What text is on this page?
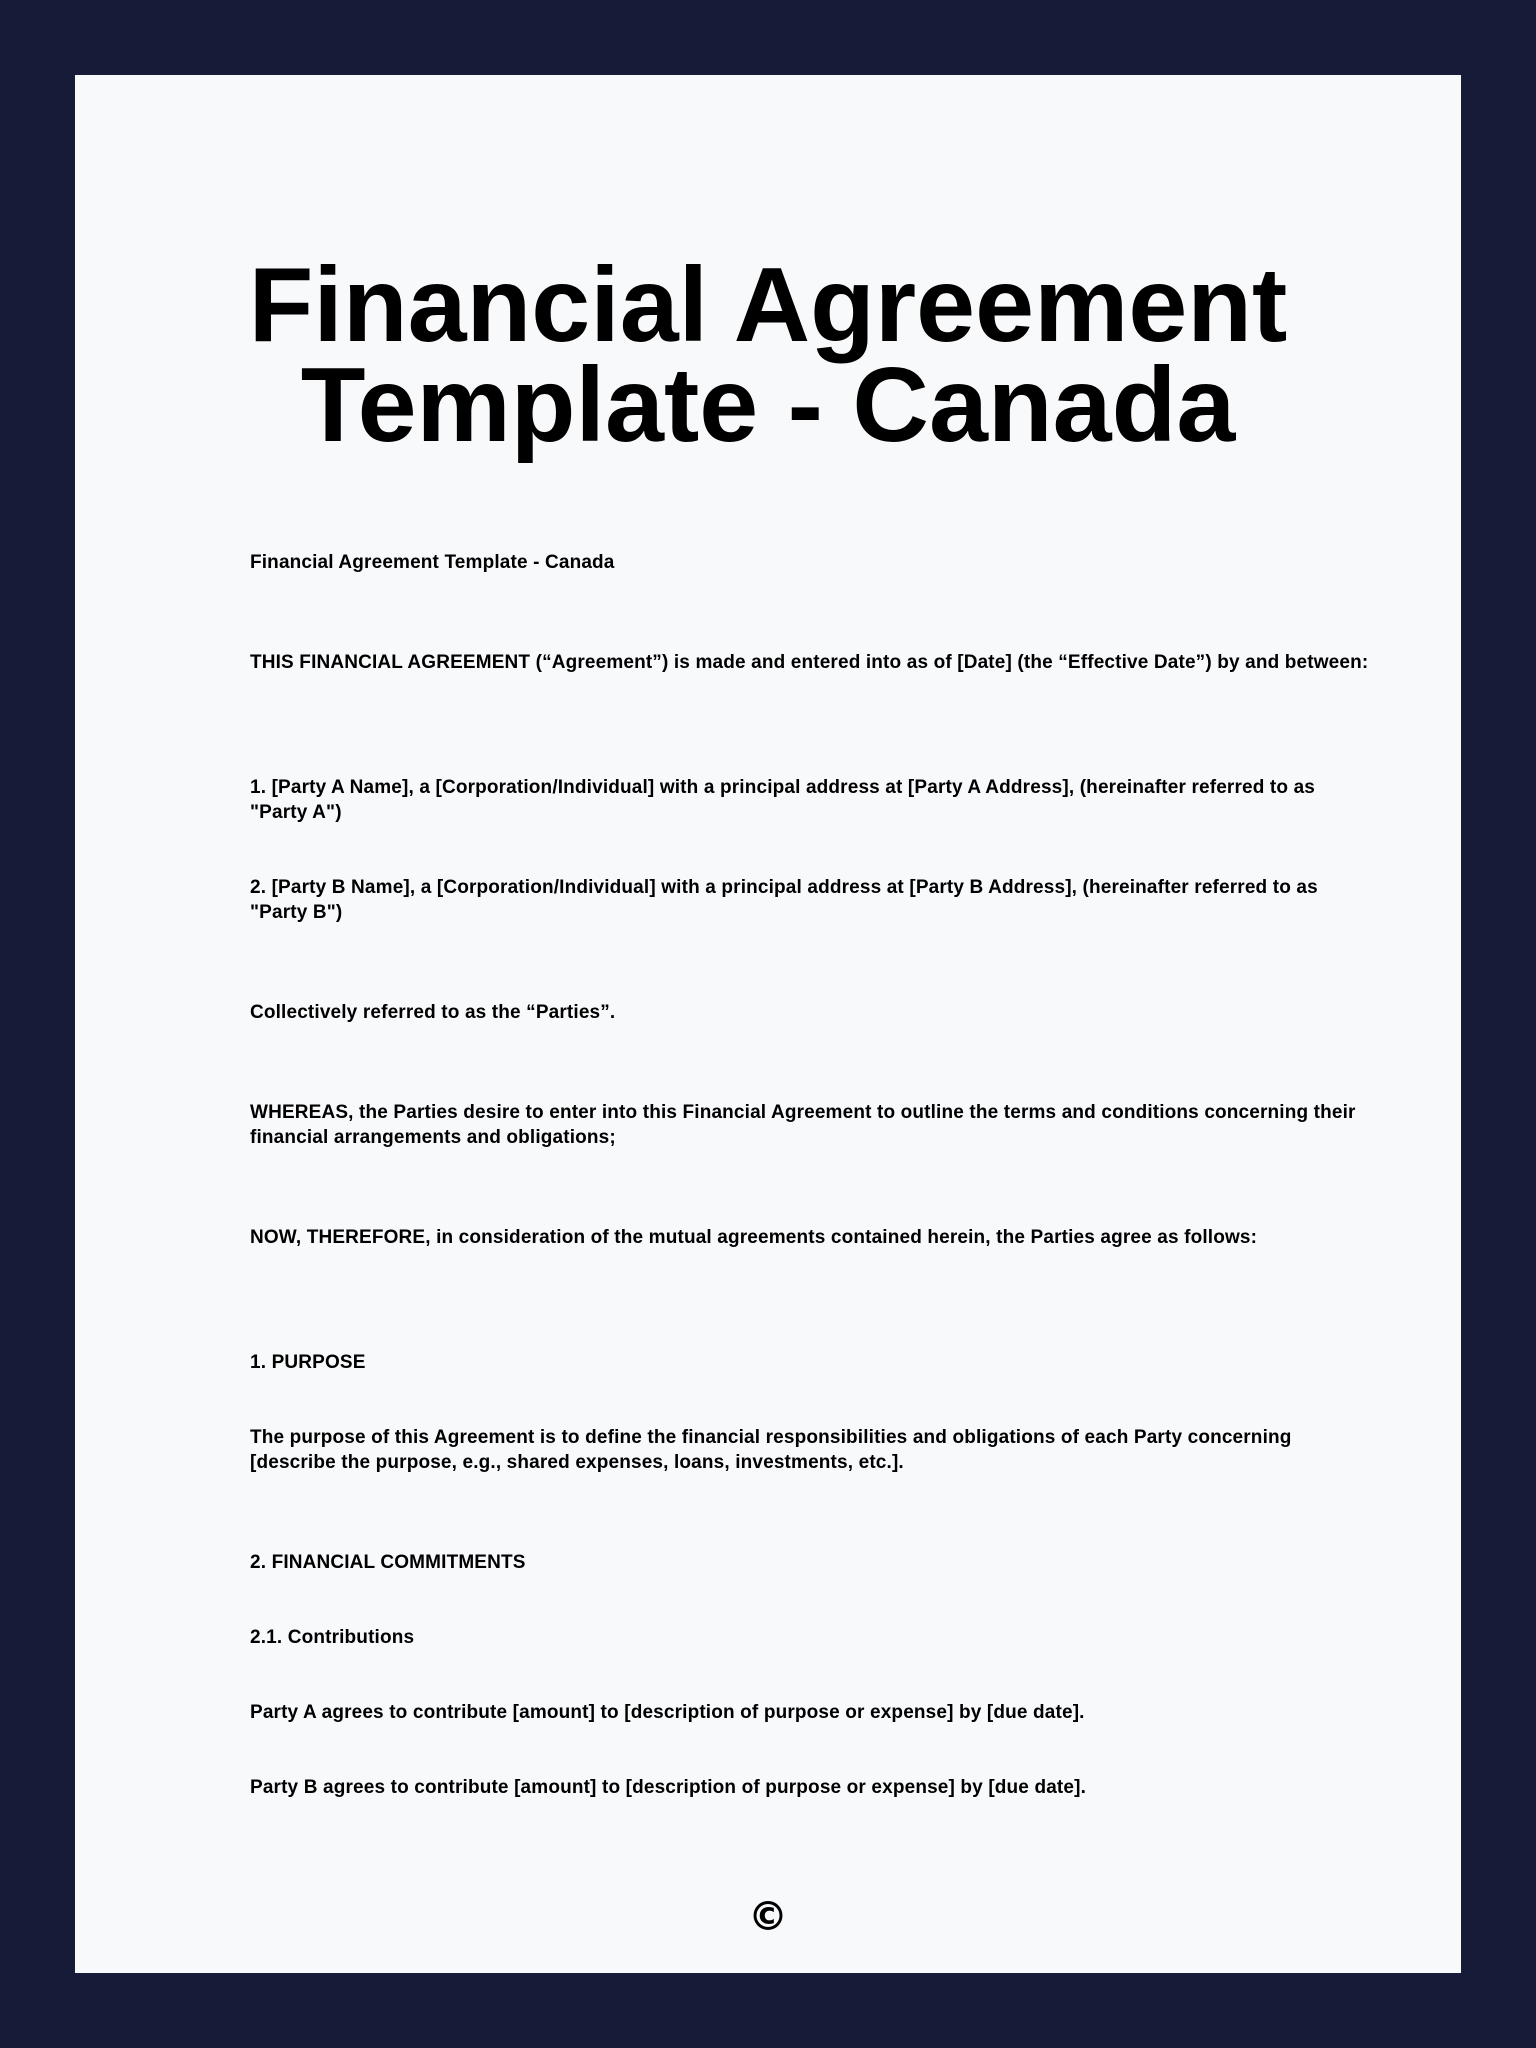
Financial Agreement
Template - Canada

Financial Agreement Template - Canada

THIS FINANCIAL AGREEMENT (“Agreement”) is made and entered into as of [Date] (the “Effective Date”) by and between:

1. [Party A Name], a [Corporation/Individual] with a principal address at [Party A Address], (hereinafter referred to as "Party A")

2. [Party B Name], a [Corporation/Individual] with a principal address at [Party B Address], (hereinafter referred to as "Party B")

Collectively referred to as the “Parties”.

WHEREAS, the Parties desire to enter into this Financial Agreement to outline the terms and conditions concerning their financial arrangements and obligations;

NOW, THEREFORE, in consideration of the mutual agreements contained herein, the Parties agree as follows:

1. PURPOSE

The purpose of this Agreement is to define the financial responsibilities and obligations of each Party concerning [describe the purpose, e.g., shared expenses, loans, investments, etc.].

2. FINANCIAL COMMITMENTS

2.1. Contributions

Party A agrees to contribute [amount] to [description of purpose or expense] by [due date].

Party B agrees to contribute [amount] to [description of purpose or expense] by [due date].

©
